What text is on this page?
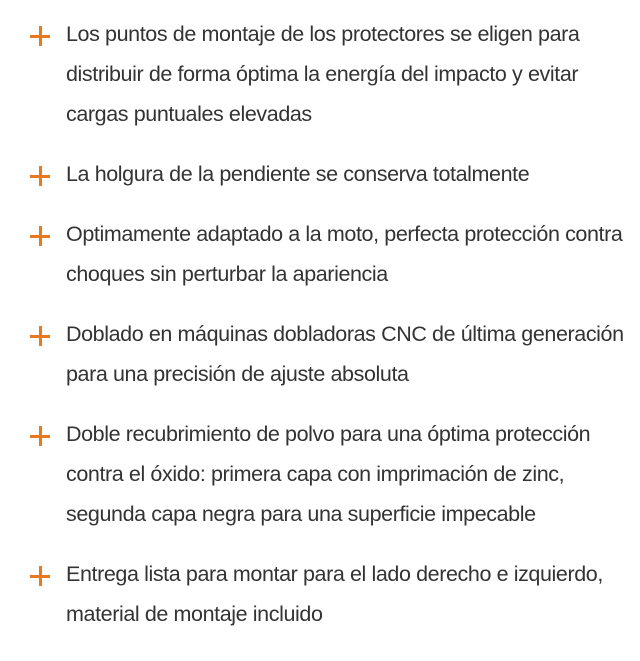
Los puntos de montaje de los protectores se eligen para
distribuir de forma óptima la energía del impacto y evitar
cargas puntuales elevadas
La holgura de la pendiente se conserva totalmente
Optimamente adaptado a la moto, perfecta protección contra
choques sin perturbar la apariencia
Doblado en máquinas dobladoras CNC de última generación
para una precisión de ajuste absoluta
Doble recubrimiento de polvo para una óptima protección
contra el óxido: primera capa con imprimación de zinc,
segunda capa negra para una superficie impecable
Entrega lista para montar para el lado derecho e izquierdo,
material de montaje incluido
